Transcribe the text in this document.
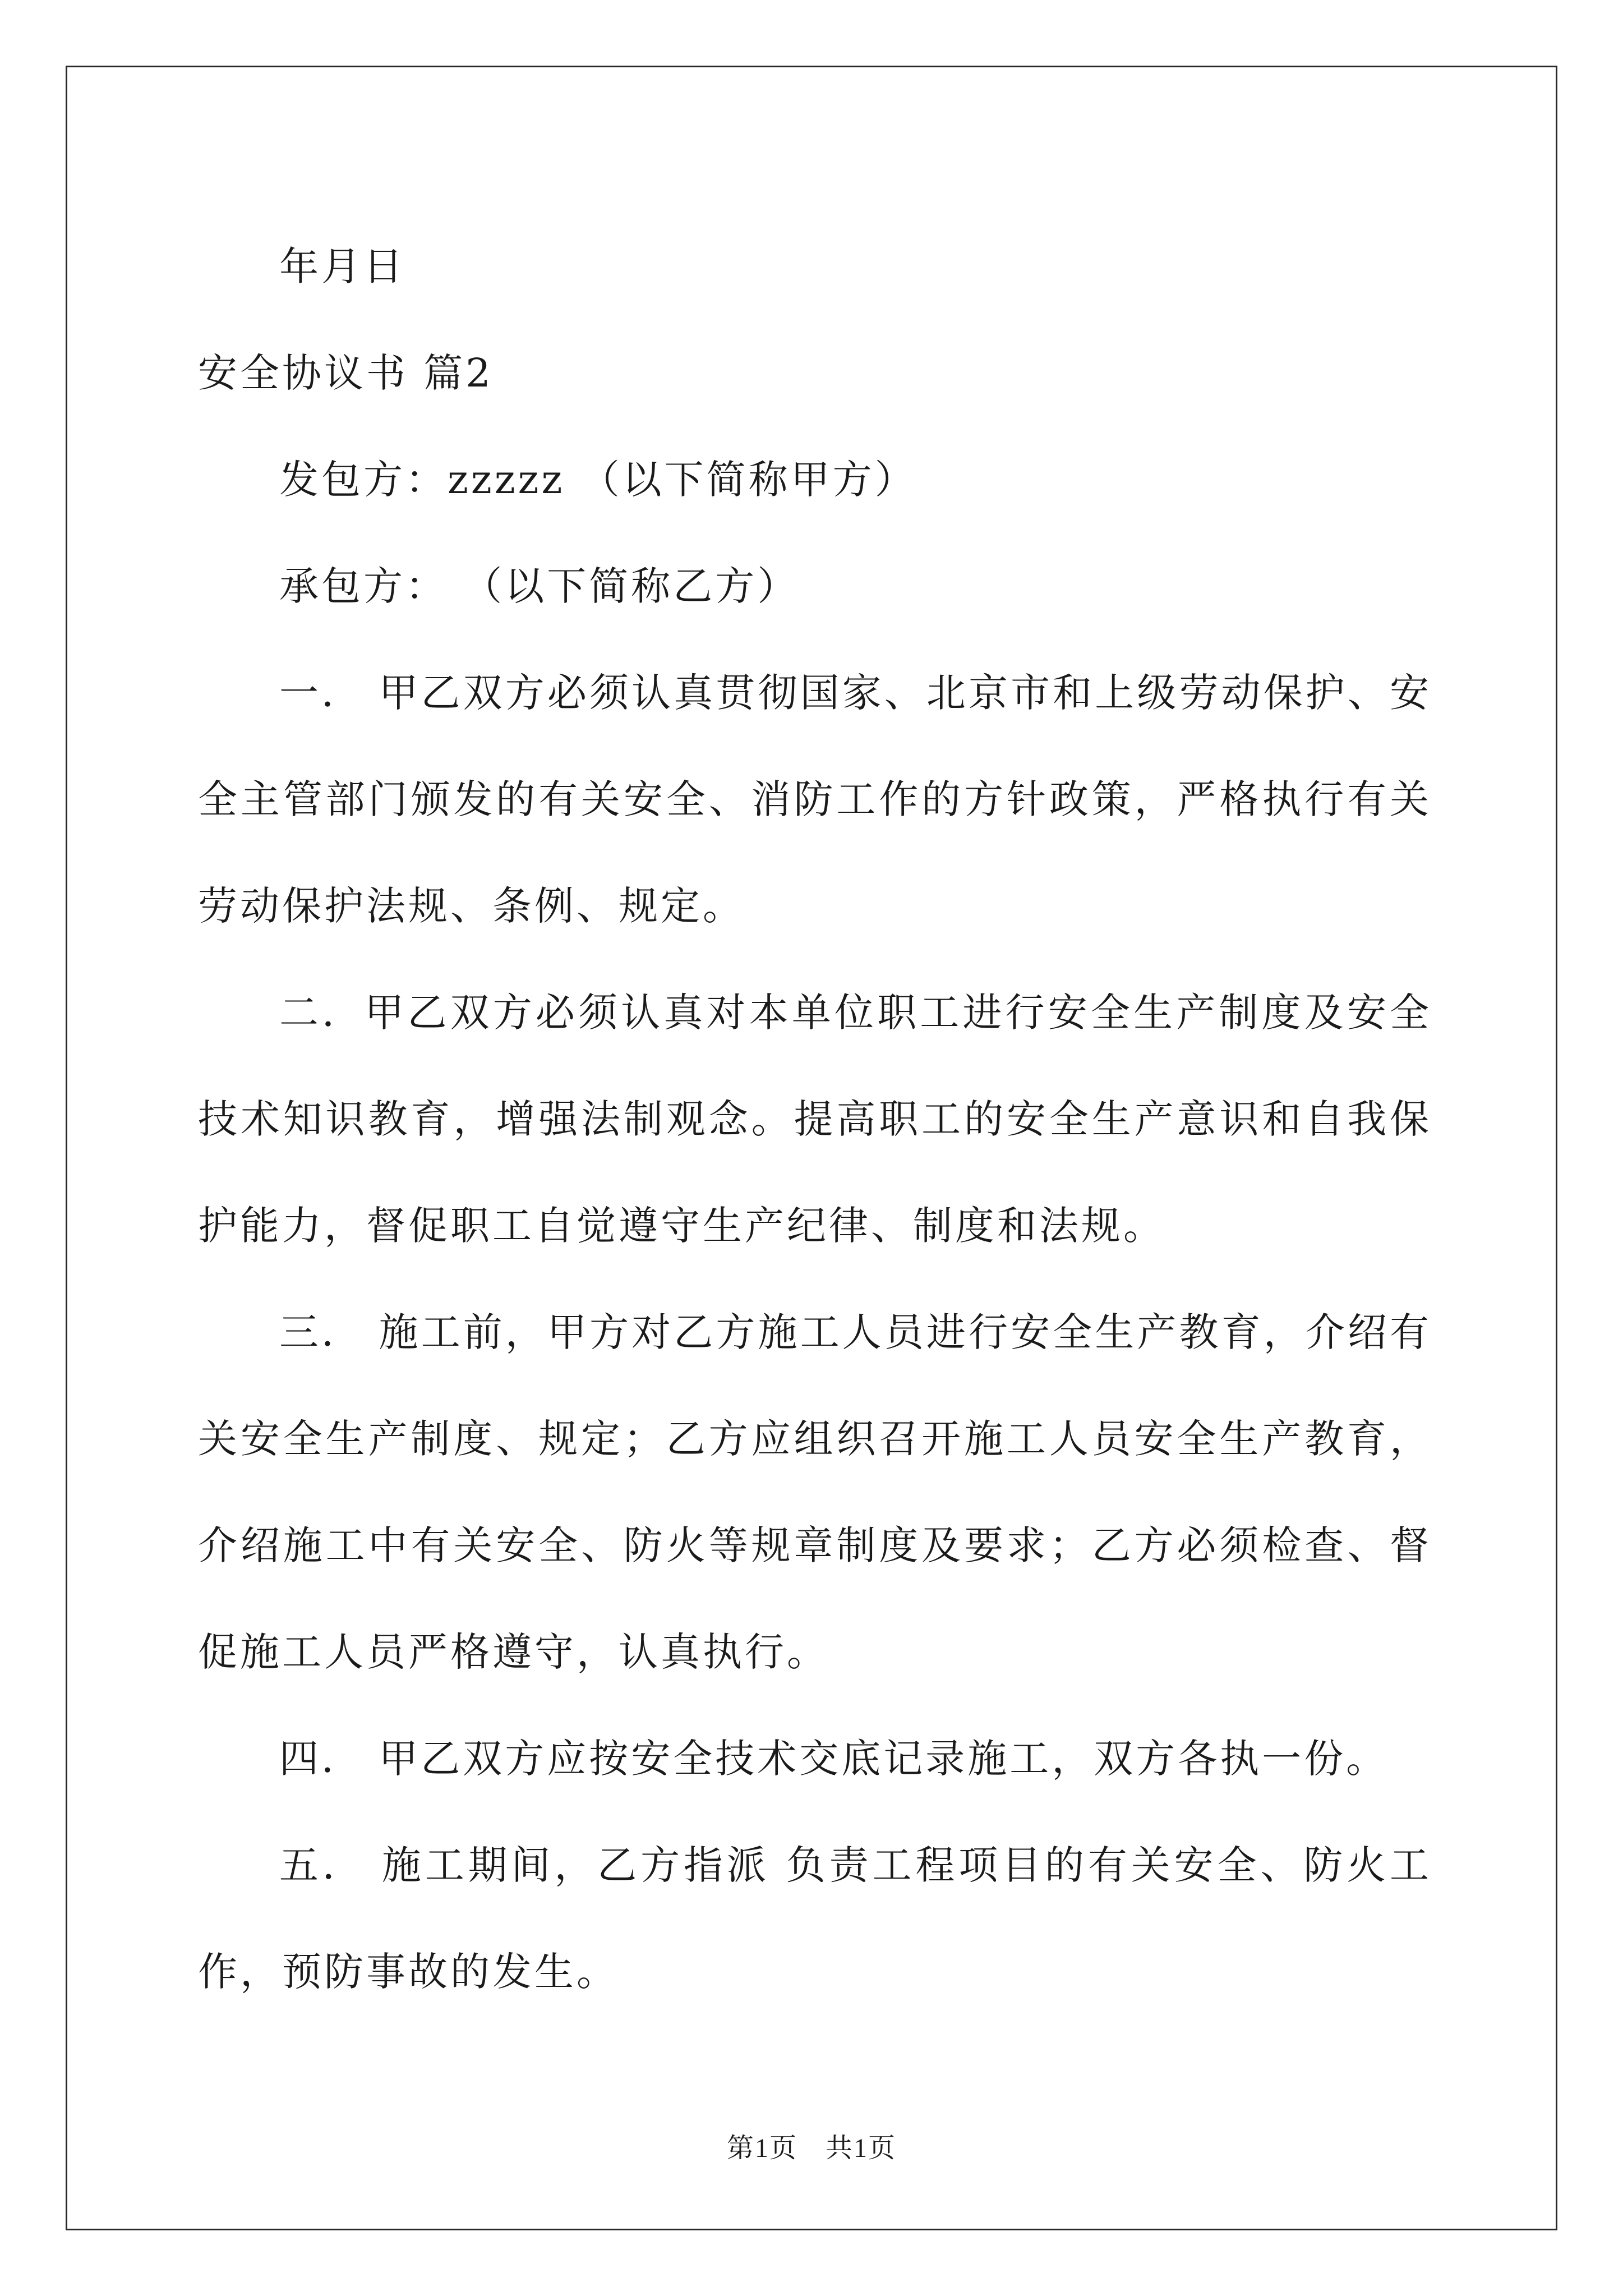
年月日

安全协议书 篇2

发包方：zzzzz （以下简称甲方）

承包方： （以下简称乙方）

一． 甲乙双方必须认真贯彻国家、北京市和上级劳动保护、安全主管部门颁发的有关安全、消防工作的方针政策，严格执行有关劳动保护法规、条例、规定。

二．甲乙双方必须认真对本单位职工进行安全生产制度及安全技术知识教育，增强法制观念。提高职工的安全生产意识和自我保护能力，督促职工自觉遵守生产纪律、制度和法规。

三． 施工前，甲方对乙方施工人员进行安全生产教育，介绍有关安全生产制度、规定；乙方应组织召开施工人员安全生产教育，介绍施工中有关安全、防火等规章制度及要求；乙方必须检查、督促施工人员严格遵守，认真执行。

四． 甲乙双方应按安全技术交底记录施工，双方各执一份。

五． 施工期间，乙方指派 负责工程项目的有关安全、防火工作，预防事故的发生。

第1页 共1页
